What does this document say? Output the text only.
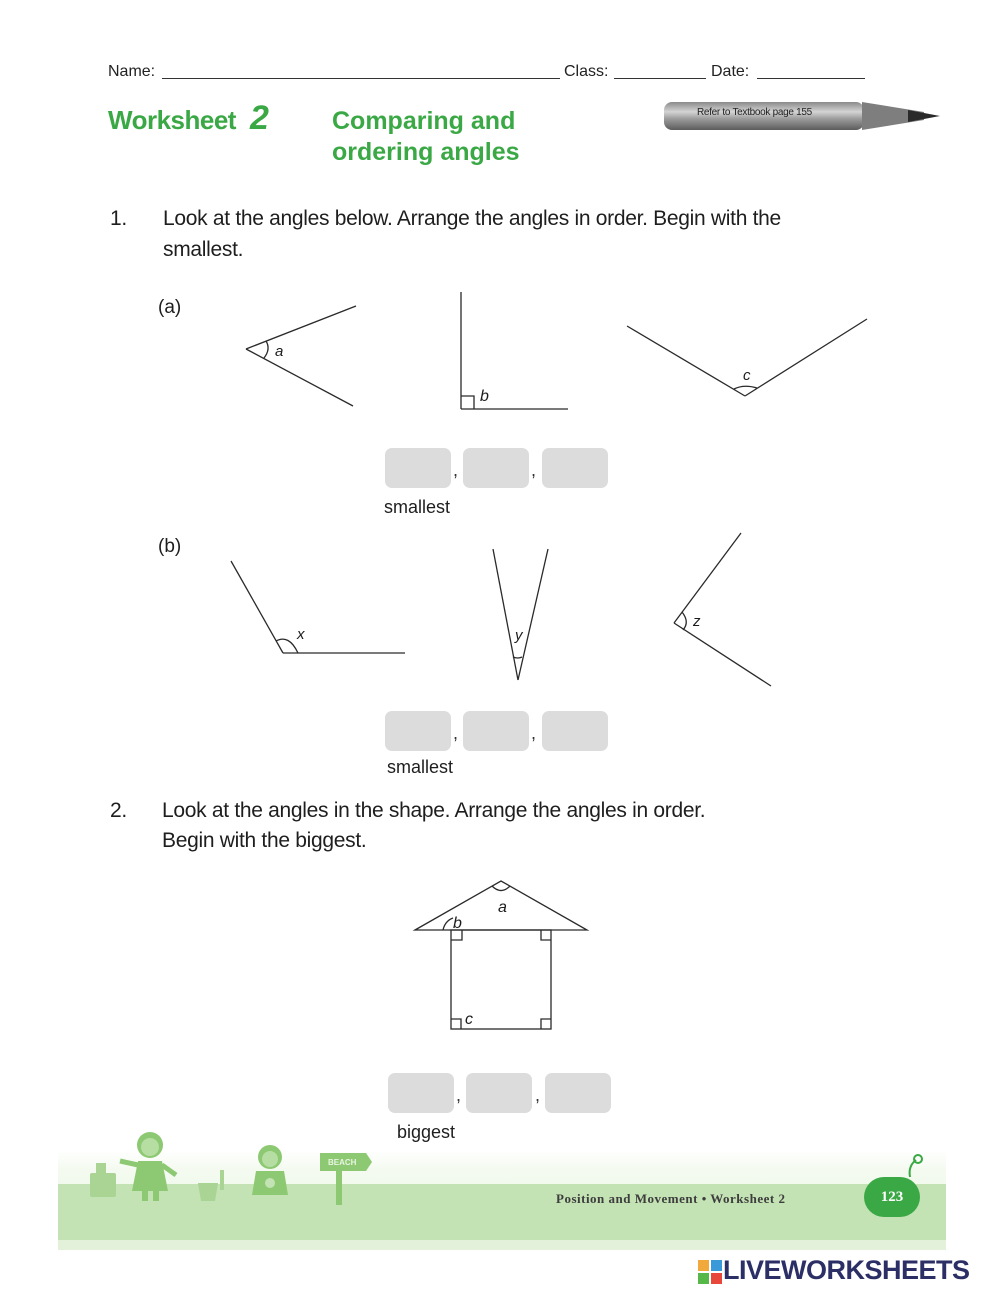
Name:	Class:	Date:
Worksheet 2	Comparing and
ordering angles
Refer to Textbook page 155
1. Look at the angles below. Arrange the angles in order. Begin with the
smallest.
(a)
a
b
c
,	,
smallest
(b)
x	y
z
,	,
smallest
2. Look at the angles in the shape. Arrange the angles in order.
Begin with the biggest.
a
b
c
,	,
biggest
BEACH
Position and Movement • Worksheet 2	123
LIVEWORKSHEETS
